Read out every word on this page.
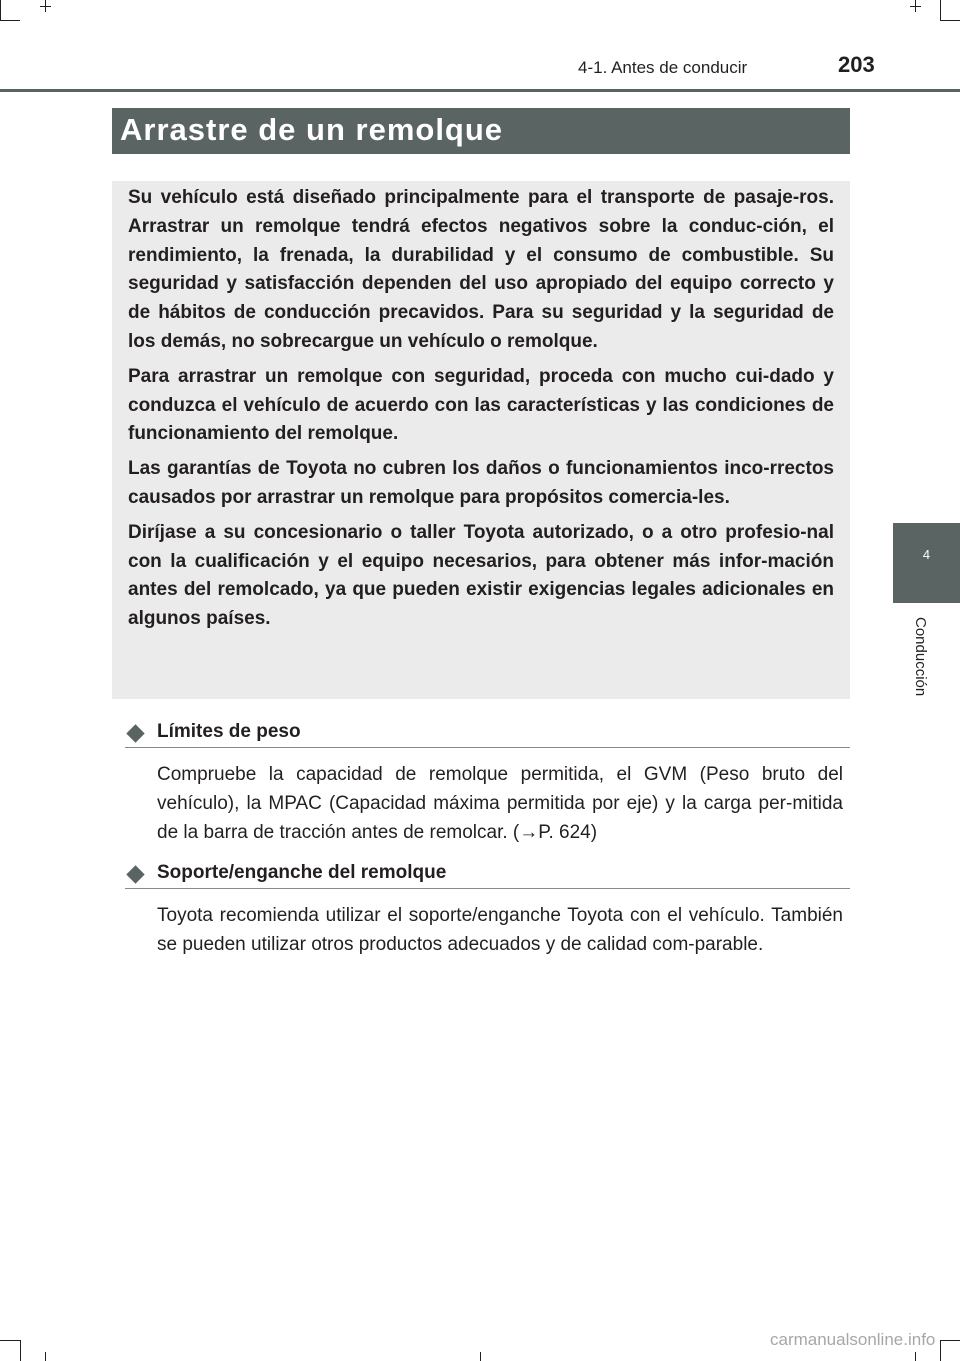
4-1. Antes de conducir	203
Arrastre de un remolque
4
Conducción

Su vehículo está diseñado principalmente para el transporte de pasaje-ros. Arrastrar un remolque tendrá efectos negativos sobre la conduc-ción, el rendimiento, la frenada, la durabilidad y el consumo de combustible. Su seguridad y satisfacción dependen del uso apropiado del equipo correcto y de hábitos de conducción precavidos. Para su seguridad y la seguridad de los demás, no sobrecargue un vehículo o remolque.

Para arrastrar un remolque con seguridad, proceda con mucho cui-dado y conduzca el vehículo de acuerdo con las características y las condiciones de funcionamiento del remolque.

Las garantías de Toyota no cubren los daños o funcionamientos inco-rrectos causados por arrastrar un remolque para propósitos comercia-les.

Diríjase a su concesionario o taller Toyota autorizado, o a otro profesio-nal con la cualificación y el equipo necesarios, para obtener más infor-mación antes del remolcado, ya que pueden existir exigencias legales adicionales en algunos países.

Límites de peso

Compruebe la capacidad de remolque permitida, el GVM (Peso bruto del vehículo), la MPAC (Capacidad máxima permitida por eje) y la carga per-mitida de la barra de tracción antes de remolcar. (→P. 624)

Soporte/enganche del remolque

Toyota recomienda utilizar el soporte/enganche Toyota con el vehículo. También se pueden utilizar otros productos adecuados y de calidad com-parable.

carmanualsonline.info
